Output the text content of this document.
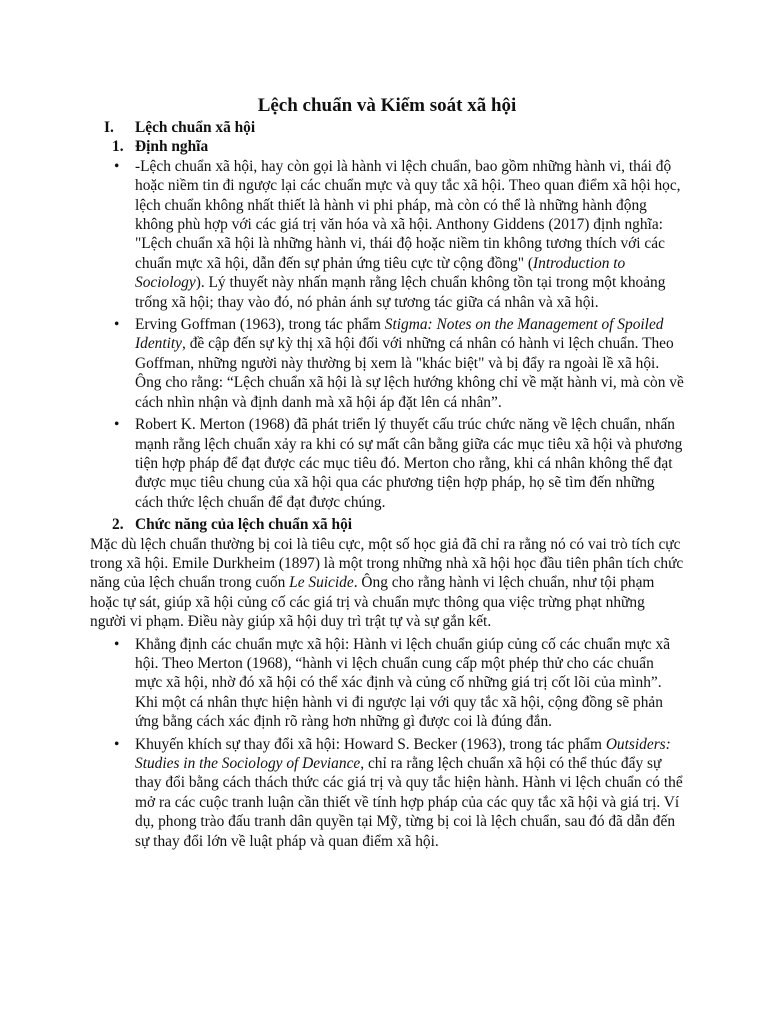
Lệch chuẩn và Kiểm soát xã hội
I.	Lệch chuẩn xã hội
1. Định nghĩa
• -Lệch chuẩn xã hội, hay còn gọi là hành vi lệch chuẩn, bao gồm những hành vi, thái độ hoặc niềm tin đi ngược lại các chuẩn mực và quy tắc xã hội. Theo quan điểm xã hội học, lệch chuẩn không nhất thiết là hành vi phi pháp, mà còn có thể là những hành động không phù hợp với các giá trị văn hóa và xã hội. Anthony Giddens (2017) định nghĩa: "Lệch chuẩn xã hội là những hành vi, thái độ hoặc niềm tin không tương thích với các chuẩn mực xã hội, dẫn đến sự phản ứng tiêu cực từ cộng đồng" (Introduction to Sociology). Lý thuyết này nhấn mạnh rằng lệch chuẩn không tồn tại trong một khoảng trống xã hội; thay vào đó, nó phản ánh sự tương tác giữa cá nhân và xã hội.
• Erving Goffman (1963), trong tác phẩm Stigma: Notes on the Management of Spoiled Identity, đề cập đến sự kỳ thị xã hội đối với những cá nhân có hành vi lệch chuẩn. Theo Goffman, những người này thường bị xem là "khác biệt" và bị đẩy ra ngoài lề xã hội. Ông cho rằng: “Lệch chuẩn xã hội là sự lệch hướng không chỉ về mặt hành vi, mà còn về cách nhìn nhận và định danh mà xã hội áp đặt lên cá nhân”.
• Robert K. Merton (1968) đã phát triển lý thuyết cấu trúc chức năng về lệch chuẩn, nhấn mạnh rằng lệch chuẩn xảy ra khi có sự mất cân bằng giữa các mục tiêu xã hội và phương tiện hợp pháp để đạt được các mục tiêu đó. Merton cho rằng, khi cá nhân không thể đạt được mục tiêu chung của xã hội qua các phương tiện hợp pháp, họ sẽ tìm đến những cách thức lệch chuẩn để đạt được chúng.
2. Chức năng của lệch chuẩn xã hội

Mặc dù lệch chuẩn thường bị coi là tiêu cực, một số học giả đã chỉ ra rằng nó có vai trò tích cực trong xã hội. Emile Durkheim (1897) là một trong những nhà xã hội học đầu tiên phân tích chức năng của lệch chuẩn trong cuốn Le Suicide. Ông cho rằng hành vi lệch chuẩn, như tội phạm hoặc tự sát, giúp xã hội củng cố các giá trị và chuẩn mực thông qua việc trừng phạt những người vi phạm. Điều này giúp xã hội duy trì trật tự và sự gắn kết.

• Khẳng định các chuẩn mực xã hội: Hành vi lệch chuẩn giúp củng cố các chuẩn mực xã hội. Theo Merton (1968), “hành vi lệch chuẩn cung cấp một phép thử cho các chuẩn mực xã hội, nhờ đó xã hội có thể xác định và củng cố những giá trị cốt lõi của mình”. Khi một cá nhân thực hiện hành vi đi ngược lại với quy tắc xã hội, cộng đồng sẽ phản ứng bằng cách xác định rõ ràng hơn những gì được coi là đúng đắn.
• Khuyến khích sự thay đổi xã hội: Howard S. Becker (1963), trong tác phẩm Outsiders: Studies in the Sociology of Deviance, chỉ ra rằng lệch chuẩn xã hội có thể thúc đẩy sự thay đổi bằng cách thách thức các giá trị và quy tắc hiện hành. Hành vi lệch chuẩn có thể mở ra các cuộc tranh luận cần thiết về tính hợp pháp của các quy tắc xã hội và giá trị. Ví dụ, phong trào đấu tranh dân quyền tại Mỹ, từng bị coi là lệch chuẩn, sau đó đã dẫn đến sự thay đổi lớn về luật pháp và quan điểm xã hội.
